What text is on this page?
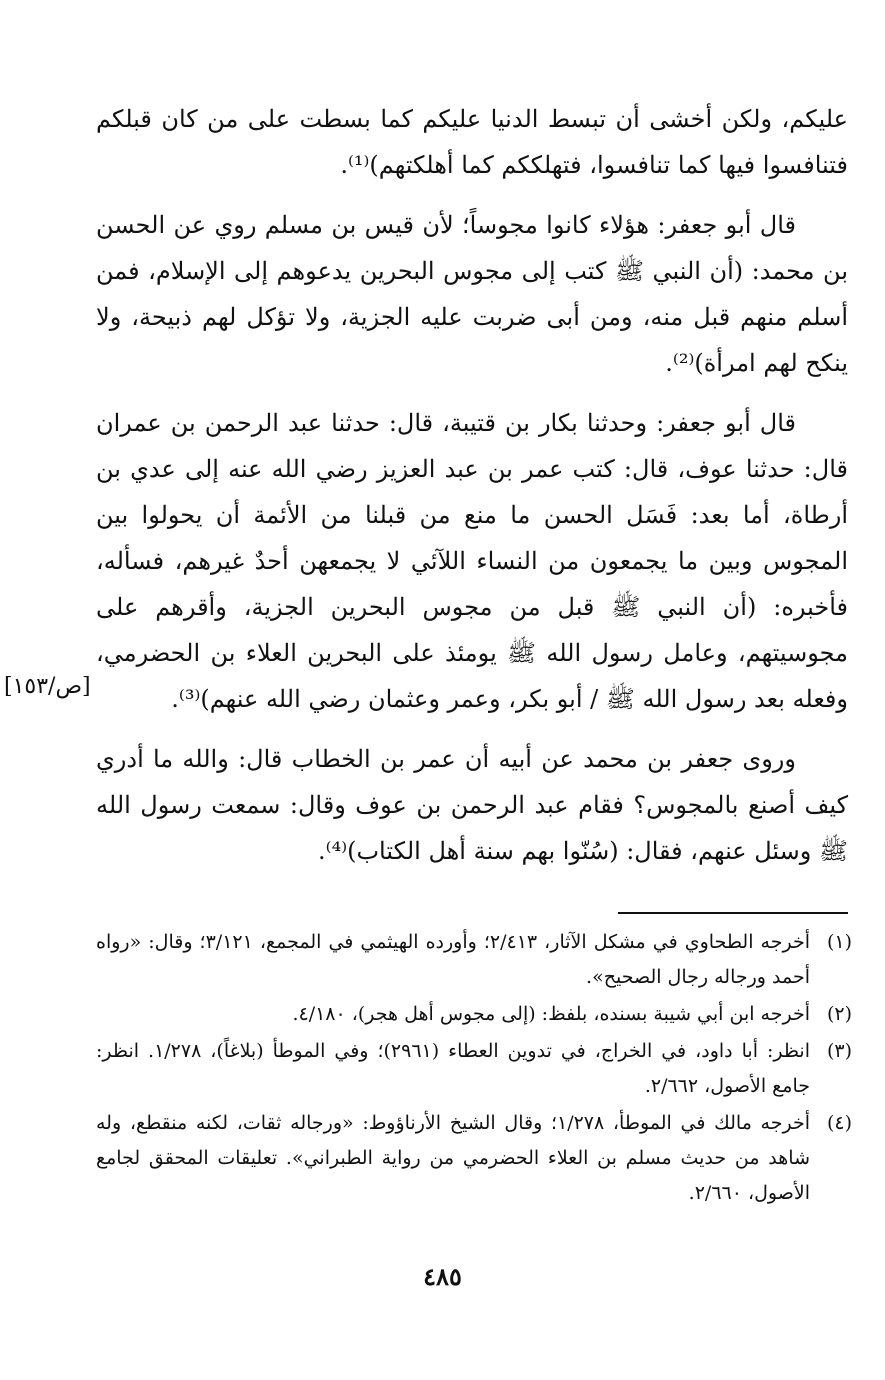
عليكم، ولكن أخشى أن تبسط الدنيا عليكم كما بسطت على من كان قبلكم فتنافسوا فيها كما تنافسوا، فتهلككم كما أهلكتهم)⁽¹⁾.

قال أبو جعفر: هؤلاء كانوا مجوساً؛ لأن قيس بن مسلم روي عن الحسن بن محمد: (أن النبي ﷺ كتب إلى مجوس البحرين يدعوهم إلى الإسلام، فمن أسلم منهم قبل منه، ومن أبى ضربت عليه الجزية، ولا تؤكل لهم ذبيحة، ولا ينكح لهم امرأة)⁽²⁾.

قال أبو جعفر: وحدثنا بكار بن قتيبة، قال: حدثنا عبد الرحمن بن عمران قال: حدثنا عوف، قال: كتب عمر بن عبد العزيز رضي الله عنه إلى عدي بن أرطاة، أما بعد: فَسَل الحسن ما منع من قبلنا من الأئمة أن يحولوا بين المجوس وبين ما يجمعون من النساء اللآئي لا يجمعهن أحدٌ غيرهم، فسأله، فأخبره: (أن النبي ﷺ قبل من مجوس البحرين الجزية، وأقرهم على مجوسيتهم، وعامل رسول الله ﷺ يومئذ على البحرين العلاء بن الحضرمي، وفعله بعد رسول الله ﷺ / أبو بكر، وعمر وعثمان رضي الله عنهم)⁽³⁾.

وروى جعفر بن محمد عن أبيه أن عمر بن الخطاب قال: والله ما أدري كيف أصنع بالمجوس؟ فقام عبد الرحمن بن عوف وقال: سمعت رسول الله ﷺ وسئل عنهم، فقال: (سُنّوا بهم سنة أهل الكتاب)⁽⁴⁾.

[ص/١٥٣]
(١)
أخرجه الطحاوي في مشكل الآثار، ٢/٤١٣؛ وأورده الهيثمي في المجمع، ٣/١٢١؛ وقال: «رواه أحمد ورجاله رجال الصحيح».
(٢)
أخرجه ابن أبي شيبة بسنده، بلفظ: (إلى مجوس أهل هجر)، ٤/١٨٠.
(٣)
انظر: أبا داود، في الخراج، في تدوين العطاء (٢٩٦١)؛ وفي الموطأ (بلاغاً)، ١/٢٧٨. انظر: جامع الأصول، ٢/٦٦٢.
(٤)
أخرجه مالك في الموطأ، ١/٢٧٨؛ وقال الشيخ الأرناؤوط: «ورجاله ثقات، لكنه منقطع، وله شاهد من حديث مسلم بن العلاء الحضرمي من رواية الطبراني». تعليقات المحقق لجامع الأصول، ٢/٦٦٠.
٤٨٥
